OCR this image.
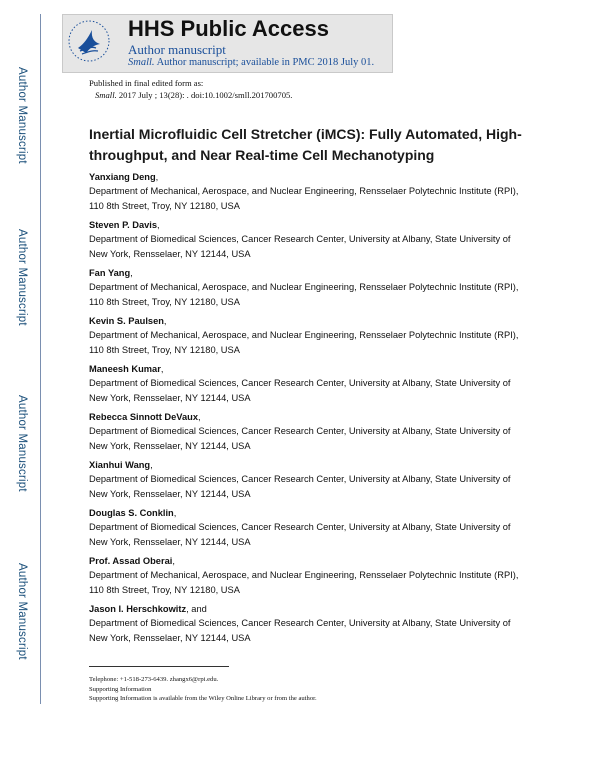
Author Manuscript
Author Manuscript
Author Manuscript
Author Manuscript
HHS Public Access
Author manuscript
Small. Author manuscript; available in PMC 2018 July 01.
Published in final edited form as:
Small. 2017 July ; 13(28): . doi:10.1002/smll.201700705.
Inertial Microfluidic Cell Stretcher (iMCS): Fully Automated, High-throughput, and Near Real-time Cell Mechanotyping
Yanxiang Deng,
Department of Mechanical, Aerospace, and Nuclear Engineering, Rensselaer Polytechnic Institute (RPI), 110 8th Street, Troy, NY 12180, USA
Steven P. Davis,
Department of Biomedical Sciences, Cancer Research Center, University at Albany, State University of New York, Rensselaer, NY 12144, USA
Fan Yang,
Department of Mechanical, Aerospace, and Nuclear Engineering, Rensselaer Polytechnic Institute (RPI), 110 8th Street, Troy, NY 12180, USA
Kevin S. Paulsen,
Department of Mechanical, Aerospace, and Nuclear Engineering, Rensselaer Polytechnic Institute (RPI), 110 8th Street, Troy, NY 12180, USA
Maneesh Kumar,
Department of Biomedical Sciences, Cancer Research Center, University at Albany, State University of New York, Rensselaer, NY 12144, USA
Rebecca Sinnott DeVaux,
Department of Biomedical Sciences, Cancer Research Center, University at Albany, State University of New York, Rensselaer, NY 12144, USA
Xianhui Wang,
Department of Biomedical Sciences, Cancer Research Center, University at Albany, State University of New York, Rensselaer, NY 12144, USA
Douglas S. Conklin,
Department of Biomedical Sciences, Cancer Research Center, University at Albany, State University of New York, Rensselaer, NY 12144, USA
Prof. Assad Oberai,
Department of Mechanical, Aerospace, and Nuclear Engineering, Rensselaer Polytechnic Institute (RPI), 110 8th Street, Troy, NY 12180, USA
Jason I. Herschkowitz, and
Department of Biomedical Sciences, Cancer Research Center, University at Albany, State University of New York, Rensselaer, NY 12144, USA
Telephone: +1-518-273-6439. zhangx6@rpi.edu.
Supporting Information
Supporting Information is available from the Wiley Online Library or from the author.
